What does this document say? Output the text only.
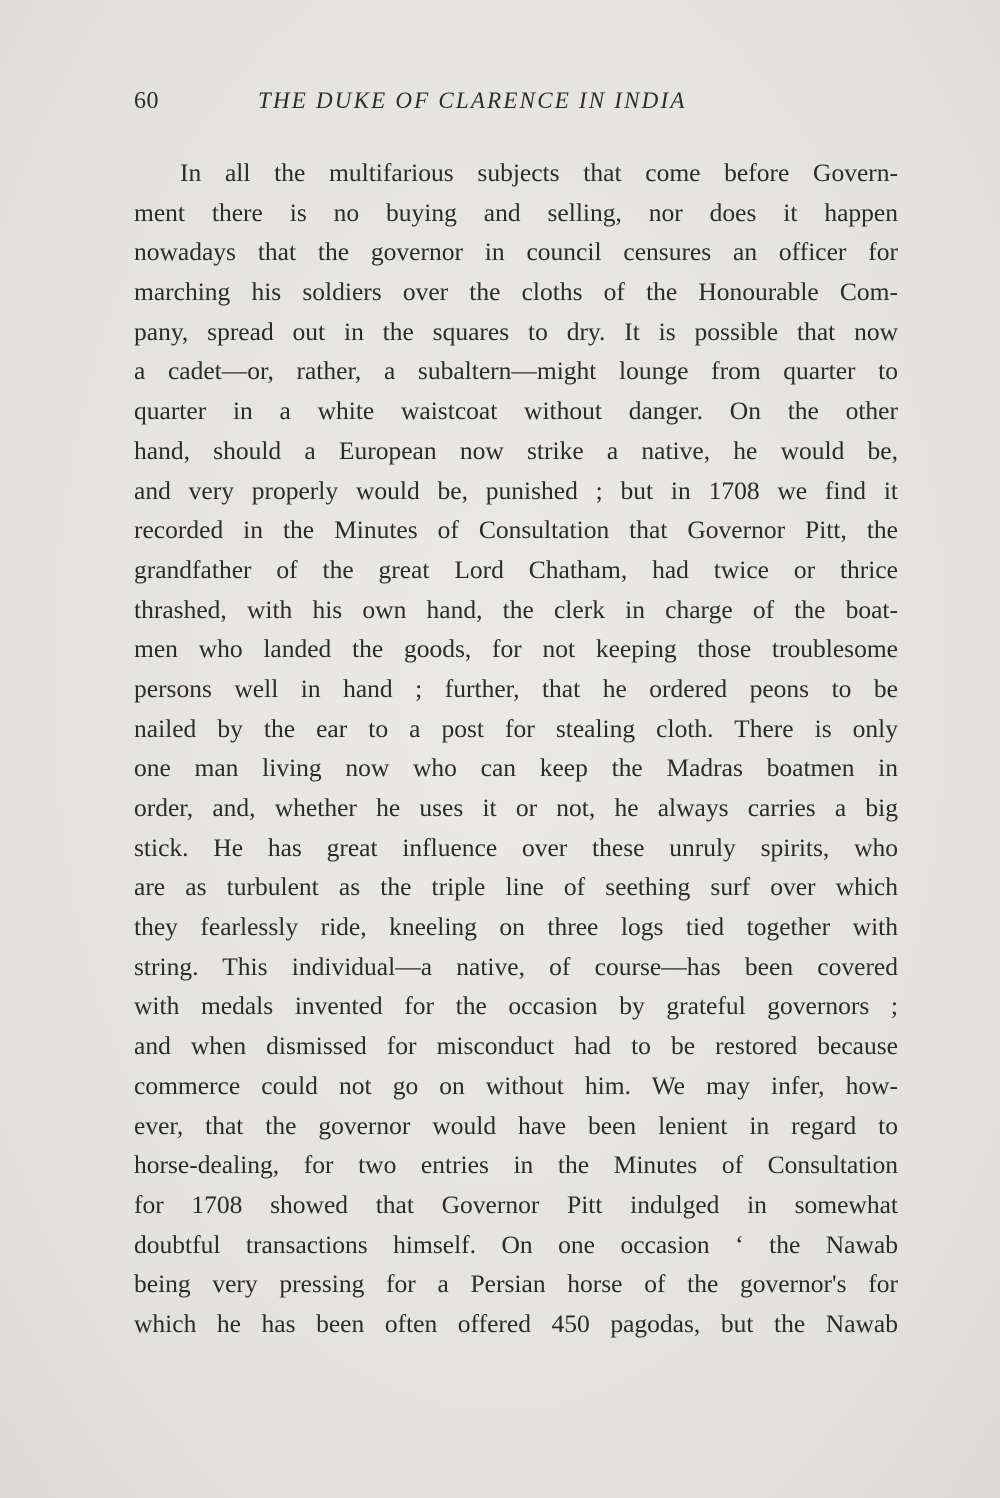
60	THE DUKE OF CLARENCE IN INDIA
In all the multifarious subjects that come before Govern-
ment there is no buying and selling, nor does it happen
nowadays that the governor in council censures an officer for
marching his soldiers over the cloths of the Honourable Com-
pany, spread out in the squares to dry. It is possible that now
a cadet—or, rather, a subaltern—might lounge from quarter to
quarter in a white waistcoat without danger. On the other
hand, should a European now strike a native, he would be,
and very properly would be, punished ; but in 1708 we find it
recorded in the Minutes of Consultation that Governor Pitt, the
grandfather of the great Lord Chatham, had twice or thrice
thrashed, with his own hand, the clerk in charge of the boat-
men who landed the goods, for not keeping those troublesome
persons well in hand ; further, that he ordered peons to be
nailed by the ear to a post for stealing cloth. There is only
one man living now who can keep the Madras boatmen in
order, and, whether he uses it or not, he always carries a big
stick. He has great influence over these unruly spirits, who
are as turbulent as the triple line of seething surf over which
they fearlessly ride, kneeling on three logs tied together with
string. This individual—a native, of course—has been covered
with medals invented for the occasion by grateful governors ;
and when dismissed for misconduct had to be restored because
commerce could not go on without him. We may infer, how-
ever, that the governor would have been lenient in regard to
horse-dealing, for two entries in the Minutes of Consultation
for 1708 showed that Governor Pitt indulged in somewhat
doubtful transactions himself. On one occasion ‘ the Nawab
being very pressing for a Persian horse of the governor's for
which he has been often offered 450 pagodas, but the Nawab
